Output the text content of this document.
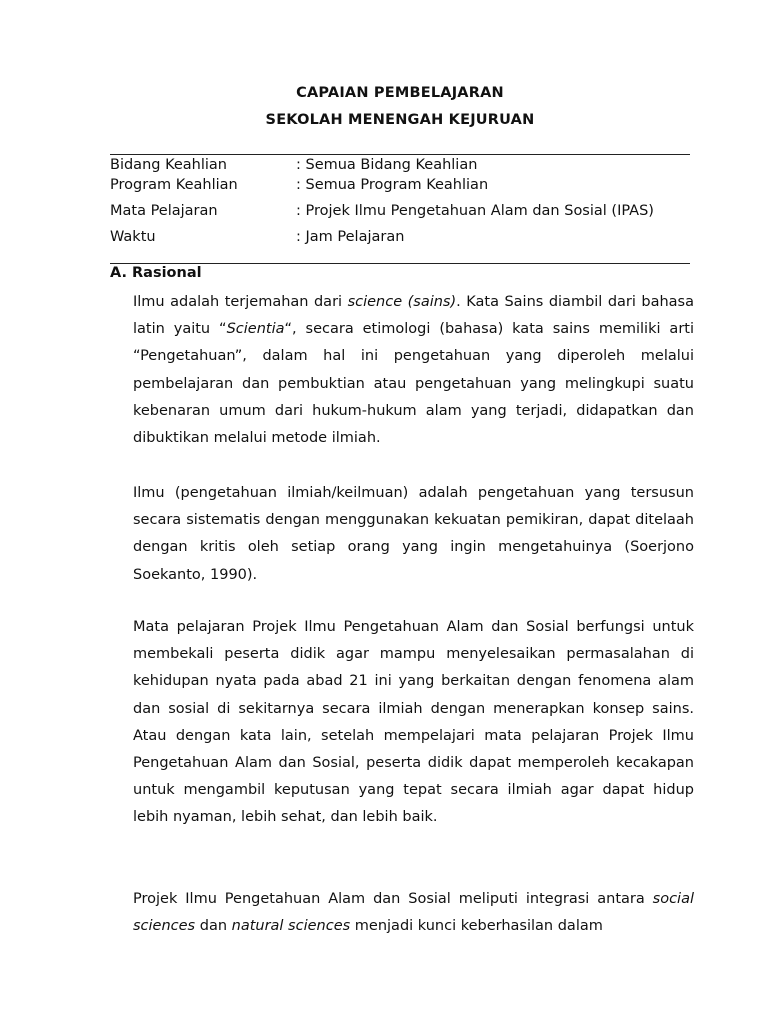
CAPAIAN PEMBELAJARAN
SEKOLAH MENENGAH KEJURUAN
Bidang Keahlian	: Semua Bidang Keahlian
Program Keahlian	: Semua Program Keahlian
Mata Pelajaran	: Projek Ilmu Pengetahuan Alam dan Sosial (IPAS)
Waktu	: Jam Pelajaran
A. Rasional

Ilmu adalah terjemahan dari science (sains). Kata Sains diambil dari bahasa latin yaitu “Scientia“, secara etimologi (bahasa) kata sains memiliki arti “Pengetahuan”, dalam hal ini pengetahuan yang diperoleh melalui pembelajaran dan pembuktian atau pengetahuan yang melingkupi suatu kebenaran umum dari hukum-hukum alam yang terjadi, didapatkan dan dibuktikan melalui metode ilmiah.

Ilmu (pengetahuan ilmiah/keilmuan) adalah pengetahuan yang tersusun secara sistematis dengan menggunakan kekuatan pemikiran, dapat ditelaah dengan kritis oleh setiap orang yang ingin mengetahuinya (Soerjono Soekanto, 1990).

Mata pelajaran Projek Ilmu Pengetahuan Alam dan Sosial berfungsi untuk membekali peserta didik agar mampu menyelesaikan permasalahan di kehidupan nyata pada abad 21 ini yang berkaitan dengan fenomena alam dan sosial di sekitarnya secara ilmiah dengan menerapkan konsep sains. Atau dengan kata lain, setelah mempelajari mata pelajaran Projek Ilmu Pengetahuan Alam dan Sosial, peserta didik dapat memperoleh kecakapan untuk mengambil keputusan yang tepat secara ilmiah agar dapat hidup lebih nyaman, lebih sehat, dan lebih baik.

Projek Ilmu Pengetahuan Alam dan Sosial meliputi integrasi antara social sciences dan natural sciences menjadi kunci keberhasilan dalam
